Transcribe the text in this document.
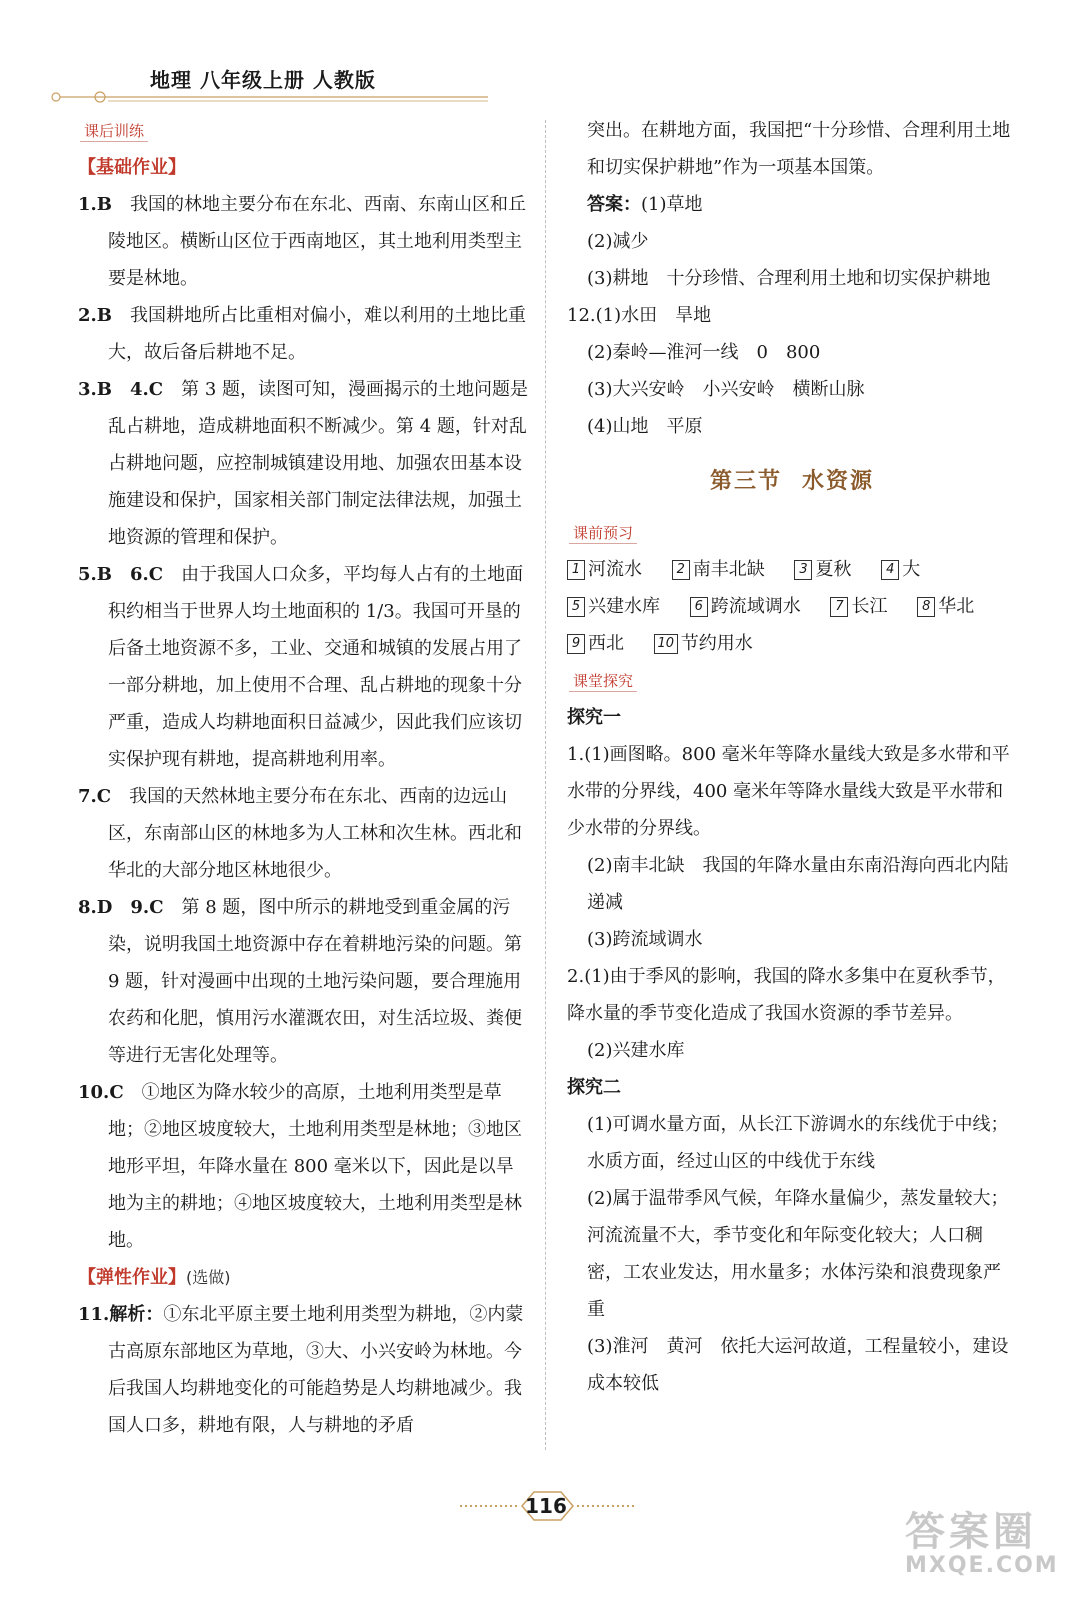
地理 八年级上册 人教版
课后训练
【基础作业】

1.B　 我国的林地主要分布在东北、西南、东南山区和丘陵地区。横断山区位于西南地区，其土地利用类型主要是林地。

2.B　 我国耕地所占比重相对偏小，难以利用的土地比重大，故后备后耕地不足。

3.B　4.C　 第 3 题，读图可知，漫画揭示的土地问题是乱占耕地，造成耕地面积不断减少。第 4 题，针对乱占耕地问题，应控制城镇建设用地、加强农田基本设施建设和保护，国家相关部门制定法律法规，加强土地资源的管理和保护。

5.B　6.C　 由于我国人口众多，平均每人占有的土地面积约相当于世界人均土地面积的 1/3。我国可开垦的后备土地资源不多，工业、交通和城镇的发展占用了一部分耕地，加上使用不合理、乱占耕地的现象十分严重，造成人均耕地面积日益减少，因此我们应该切实保护现有耕地，提高耕地利用率。

7.C　 我国的天然林地主要分布在东北、西南的边远山区，东南部山区的林地多为人工林和次生林。西北和华北的大部分地区林地很少。

8.D　9.C　 第 8 题，图中所示的耕地受到重金属的污染，说明我国土地资源中存在着耕地污染的问题。第 9 题，针对漫画中出现的土地污染问题，要合理施用农药和化肥，慎用污水灌溉农田，对生活垃圾、粪便等进行无害化处理等。

10.C　 ①地区为降水较少的高原，土地利用类型是草地；②地区坡度较大，土地利用类型是林地；③地区地形平坦，年降水量在 800 毫米以下，因此是以旱地为主的耕地；④地区坡度较大，土地利用类型是林地。

【弹性作业】(选做)

11.解析：①东北平原主要土地利用类型为耕地，②内蒙古高原东部地区为草地，③大、小兴安岭为林地。今后我国人均耕地变化的可能趋势是人均耕地减少。我国人口多，耕地有限，人与耕地的矛盾

突出。在耕地方面，我国把“十分珍惜、合理利用土地和切实保护耕地”作为一项基本国策。

答案：(1)草地

(2)减少

(3)耕地　十分珍惜、合理利用土地和切实保护耕地

12.(1)水田　旱地

(2)秦岭—淮河一线　0　800

(3)大兴安岭　小兴安岭　横断山脉

(4)山地　平原

第三节 水资源
课前预习

1 河流水	2 南丰北缺	3 夏秋	4 大 5 兴建水库	6 跨流域调水	7 长江	8 华北 9 西北	10 节约用水

课堂探究

探究一

1.(1)画图略。800 毫米年等降水量线大致是多水带和平水带的分界线，400 毫米年等降水量线大致是平水带和少水带的分界线。

(2)南丰北缺　我国的年降水量由东南沿海向西北内陆递减

(3)跨流域调水

2.(1)由于季风的影响，我国的降水多集中在夏秋季节，降水量的季节变化造成了我国水资源的季节差异。

(2)兴建水库

探究二

(1)可调水量方面，从长江下游调水的东线优于中线；水质方面，经过山区的中线优于东线

(2)属于温带季风气候，年降水量偏少，蒸发量较大；河流流量不大，季节变化和年际变化较大；人口稠密，工农业发达，用水量多；水体污染和浪费现象严重

(3)淮河　黄河　依托大运河故道，工程量较小，建设成本较低

116
答案圈
MXQE.COM
